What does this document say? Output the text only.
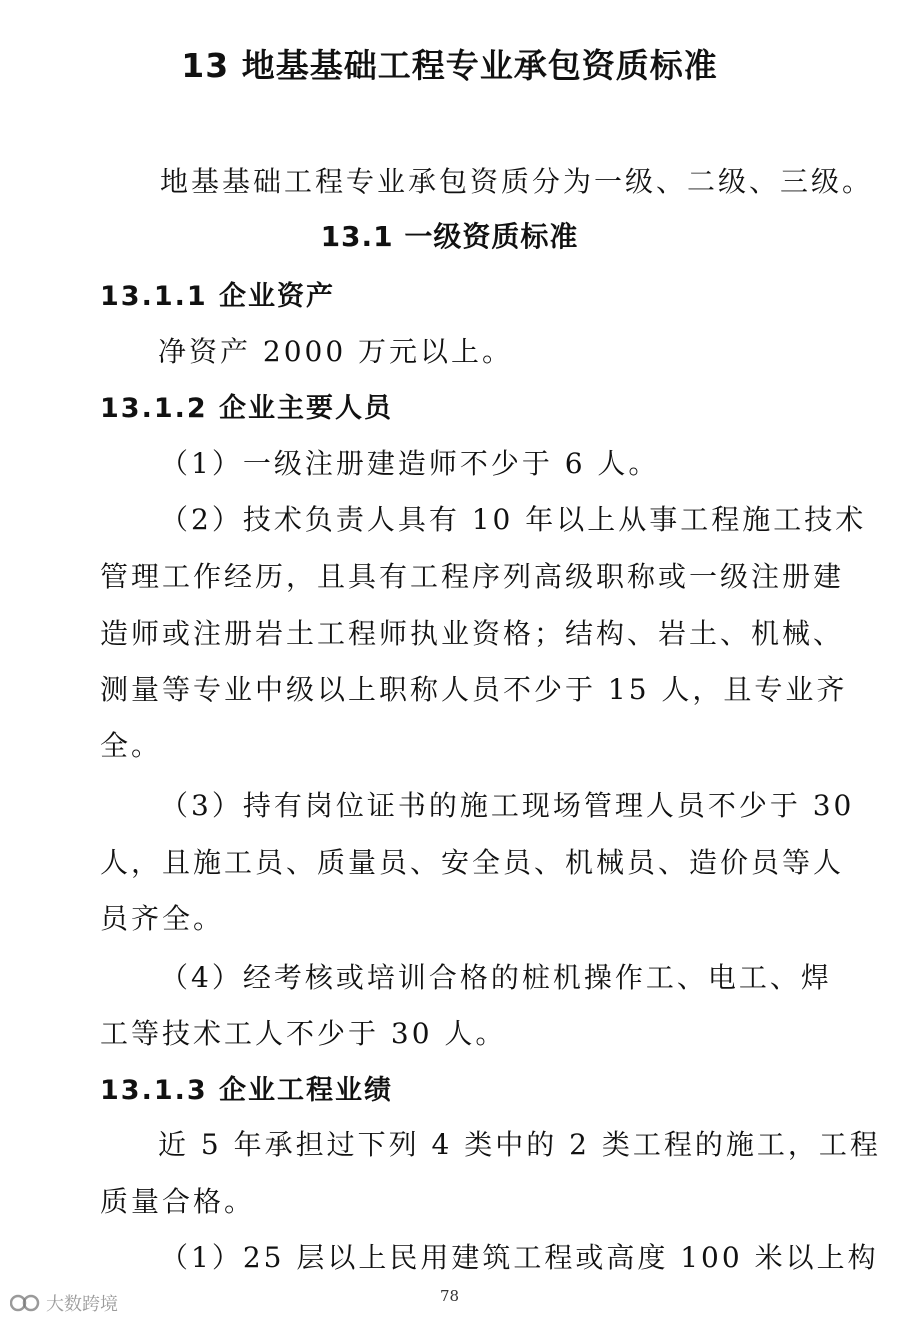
13 地基基础工程专业承包资质标准
地基基础工程专业承包资质分为一级、二级、三级。
13.1 一级资质标准
13.1.1 企业资产
净资产 2000 万元以上。
13.1.2 企业主要人员
（1）一级注册建造师不少于 6 人。
（2）技术负责人具有 10 年以上从事工程施工技术
管理工作经历，且具有工程序列高级职称或一级注册建
造师或注册岩土工程师执业资格；结构、岩土、机械、
测量等专业中级以上职称人员不少于 15 人，且专业齐
全。
（3）持有岗位证书的施工现场管理人员不少于 30
人，且施工员、质量员、安全员、机械员、造价员等人
员齐全。
（4）经考核或培训合格的桩机操作工、电工、焊
工等技术工人不少于 30 人。
13.1.3 企业工程业绩
近 5 年承担过下列 4 类中的 2 类工程的施工，工程
质量合格。
（1）25 层以上民用建筑工程或高度 100 米以上构
78
大数跨境
